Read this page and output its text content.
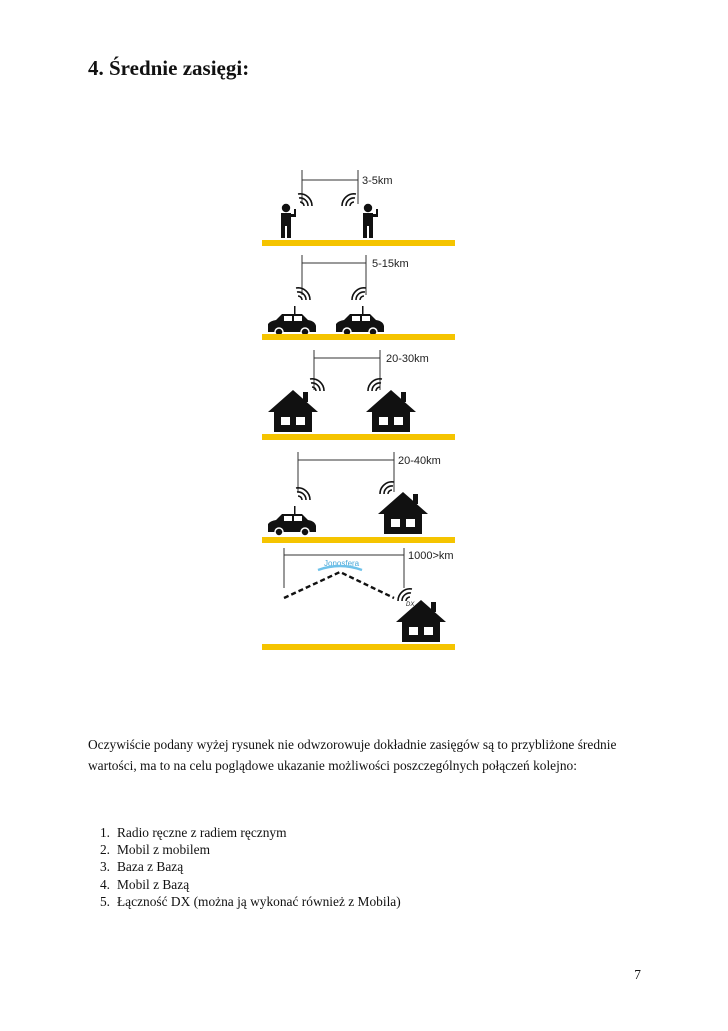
4. Średnie zasięgi:
3-5km
5-15km
20-30km
20-40km
1000>km
Jonosfera
DX

Oczywiście podany wyżej rysunek nie odwzorowuje dokładnie zasięgów są to przybliżone średnie wartości, ma to na celu poglądowe ukazanie możliwości poszczególnych połączeń kolejno:

1. Radio ręczne z radiem ręcznym
2. Mobil z mobilem
3. Baza z Bazą
4. Mobil z Bazą
5. Łączność DX (można ją wykonać również z Mobila)
7
